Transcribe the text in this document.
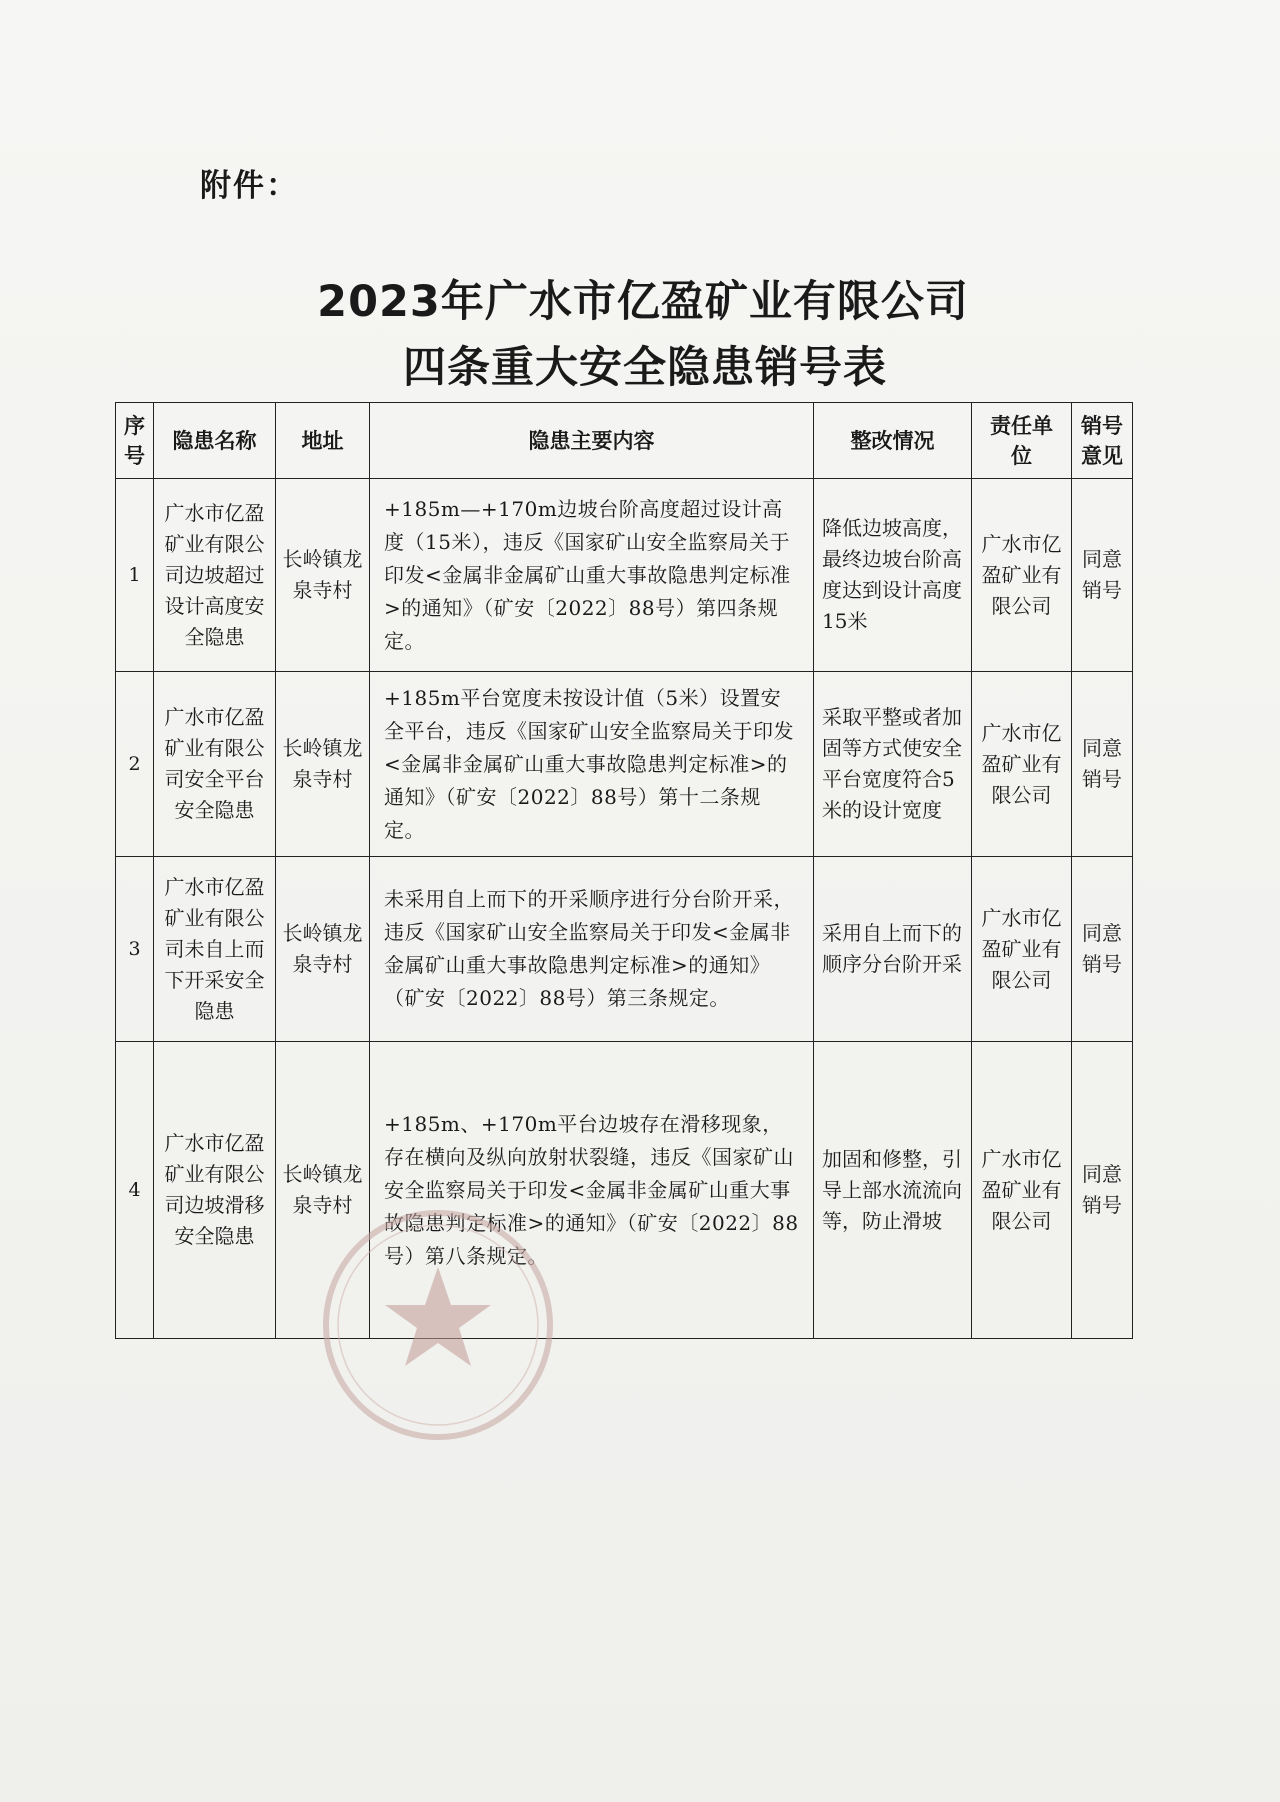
附件：
2023年广水市亿盈矿业有限公司
四条重大安全隐患销号表
序号	隐患名称	地址	隐患主要内容	整改情况	责任单位	销号意见
1	广水市亿盈矿业有限公司边坡超过设计高度安全隐患	长岭镇龙泉寺村	+185m—+170m边坡台阶高度超过设计高度（15米），违反《国家矿山安全监察局关于印发<金属非金属矿山重大事故隐患判定标准>的通知》（矿安〔2022〕88号）第四条规定。	降低边坡高度，最终边坡台阶高度达到设计高度15米	广水市亿盈矿业有限公司	同意销号
2	广水市亿盈矿业有限公司安全平台安全隐患	长岭镇龙泉寺村	+185m平台宽度未按设计值（5米）设置安全平台，违反《国家矿山安全监察局关于印发<金属非金属矿山重大事故隐患判定标准>的通知》（矿安〔2022〕88号）第十二条规定。	采取平整或者加固等方式使安全平台宽度符合5米的设计宽度	广水市亿盈矿业有限公司	同意销号
3	广水市亿盈矿业有限公司未自上而下开采安全隐患	长岭镇龙泉寺村	未采用自上而下的开采顺序进行分台阶开采，违反《国家矿山安全监察局关于印发<金属非金属矿山重大事故隐患判定标准>的通知》（矿安〔2022〕88号）第三条规定。	采用自上而下的顺序分台阶开采	广水市亿盈矿业有限公司	同意销号
4	广水市亿盈矿业有限公司边坡滑移安全隐患	长岭镇龙泉寺村	+185m、+170m平台边坡存在滑移现象，存在横向及纵向放射状裂缝，违反《国家矿山安全监察局关于印发<金属非金属矿山重大事故隐患判定标准>的通知》（矿安〔2022〕88号）第八条规定。	加固和修整，引导上部水流流向等，防止滑坡	广水市亿盈矿业有限公司	同意销号
